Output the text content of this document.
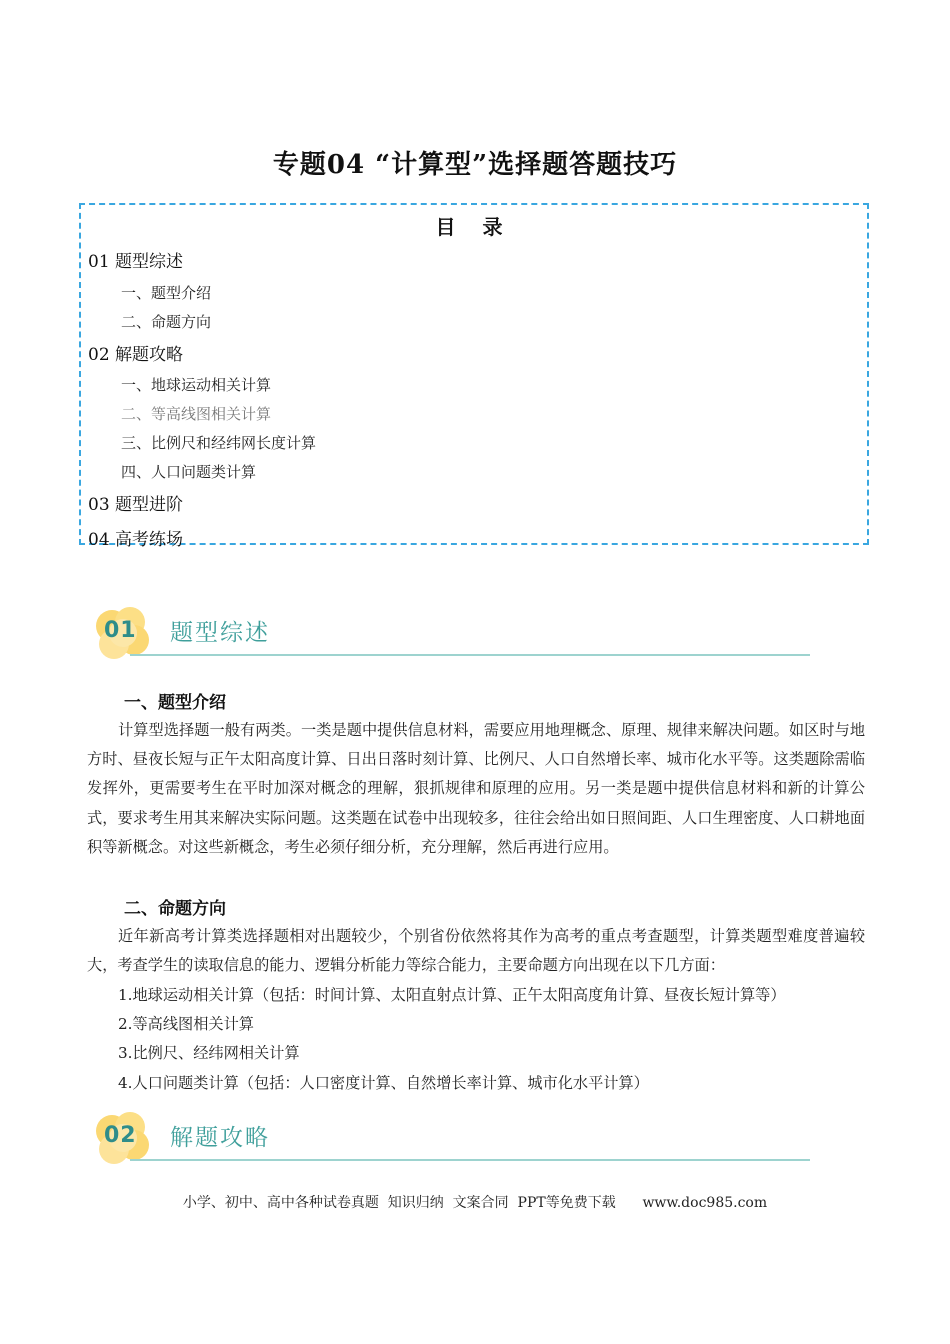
专题04 “计算型”选择题答题技巧
目 录
01 题型综述
一、题型介绍
二、命题方向
02 解题攻略
一、地球运动相关计算
二、等高线图相关计算
三、比例尺和经纬网长度计算
四、人口问题类计算
03 题型进阶
04 高考练场
01 题型综述
一、题型介绍

计算型选择题一般有两类。一类是题中提供信息材料，需要应用地理概念、原理、规律来解决问题。如区时与地方时、昼夜长短与正午太阳高度计算、日出日落时刻计算、比例尺、人口自然增长率、城市化水平等。这类题除需临发挥外，更需要考生在平时加深对概念的理解，狠抓规律和原理的应用。另一类是题中提供信息材料和新的计算公式，要求考生用其来解决实际问题。这类题在试卷中出现较多，往往会给出如日照间距、人口生理密度、人口耕地面积等新概念。对这些新概念，考生必须仔细分析，充分理解，然后再进行应用。

二、命题方向

近年新高考计算类选择题相对出题较少，个别省份依然将其作为高考的重点考查题型，计算类题型难度普遍较大，考查学生的读取信息的能力、逻辑分析能力等综合能力，主要命题方向出现在以下几方面：

1.地球运动相关计算（包括：时间计算、太阳直射点计算、正午太阳高度角计算、昼夜长短计算等）
2.等高线图相关计算
3.比例尺、经纬网相关计算
4.人口问题类计算（包括：人口密度计算、自然增长率计算、城市化水平计算）
02 解题攻略
小学、初中、高中各种试卷真题  知识归纳  文案合同  PPT等免费下载      www.doc985.com
